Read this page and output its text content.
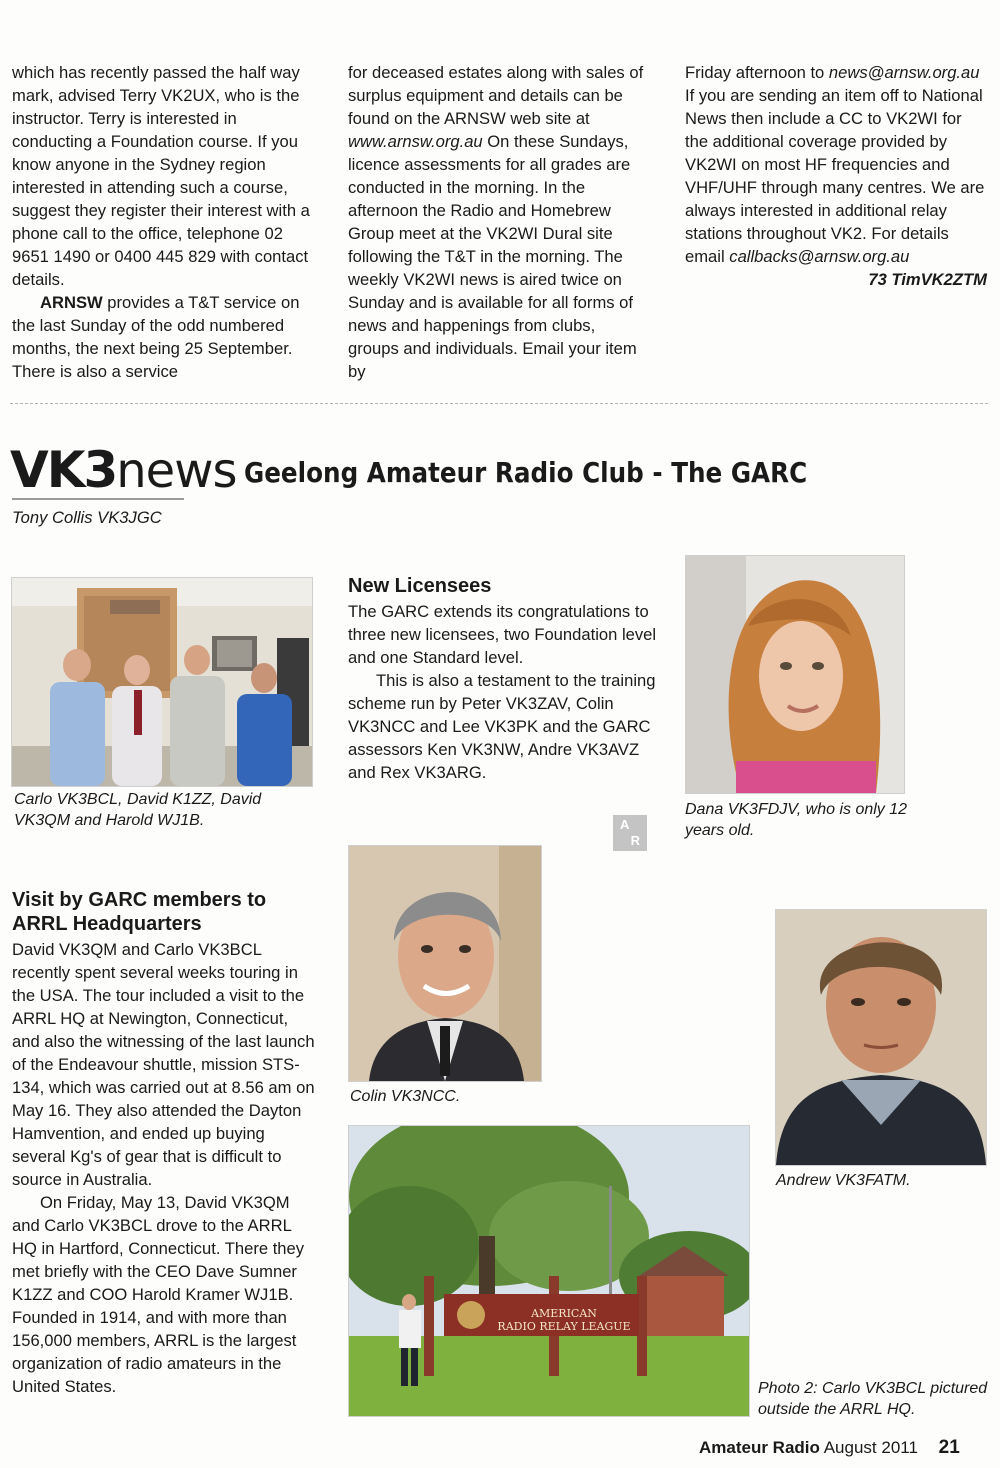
which has recently passed the half way mark, advised Terry VK2UX, who is the instructor. Terry is interested in conducting a Foundation course. If you know anyone in the Sydney region interested in attending such a course, suggest they register their interest with a phone call to the office, telephone 02 9651 1490 or 0400 445 829 with contact details.

ARNSW provides a T&T service on the last Sunday of the odd numbered months, the next being 25 September. There is also a service

for deceased estates along with sales of surplus equipment and details can be found on the ARNSW web site at www.arnsw.org.au On these Sundays, licence assessments for all grades are conducted in the morning. In the afternoon the Radio and Homebrew Group meet at the VK2WI Dural site following the T&T in the morning. The weekly VK2WI news is aired twice on Sunday and is available for all forms of news and happenings from clubs, groups and individuals. Email your item by

Friday afternoon to news@arnsw.org.au If you are sending an item off to National News then include a CC to VK2WI for the additional coverage provided by VK2WI on most HF frequencies and VHF/UHF through many centres. We are always interested in additional relay stations throughout VK2. For details email callbacks@arnsw.org.au

73 TimVK2ZTM

VK3news Geelong Amateur Radio Club - The GARC
Tony Collis VK3JGC
Carlo VK3BCL, David K1ZZ, David VK3QM and Harold WJ1B.

New Licensees

The GARC extends its congratulations to three new licensees, two Foundation level and one Standard level.

This is also a testament to the training scheme run by Peter VK3ZAV, Colin VK3NCC and Lee VK3PK and the GARC assessors Ken VK3NW, Andre VK3AVZ and Rex VK3ARG.

A
R
Dana VK3FDJV, who is only 12 years old.

Visit by GARC members to ARRL Headquarters

David VK3QM and Carlo VK3BCL recently spent several weeks touring in the USA. The tour included a visit to the ARRL HQ at Newington, Connecticut, and also the witnessing of the last launch of the Endeavour shuttle, mission STS-134, which was carried out at 8.56 am on May 16. They also attended the Dayton Hamvention, and ended up buying several Kg's of gear that is difficult to source in Australia.

On Friday, May 13, David VK3QM and Carlo VK3BCL drove to the ARRL HQ in Hartford, Connecticut. There they met briefly with the CEO Dave Sumner K1ZZ and COO Harold Kramer WJ1B. Founded in 1914, and with more than 156,000 members, ARRL is the largest organization of radio amateurs in the United States.

Colin VK3NCC.
Andrew VK3FATM.
AMERICAN
RADIO RELAY LEAGUE
Photo 2: Carlo VK3BCL pictured outside the ARRL HQ.
Amateur Radio August 2011 21
